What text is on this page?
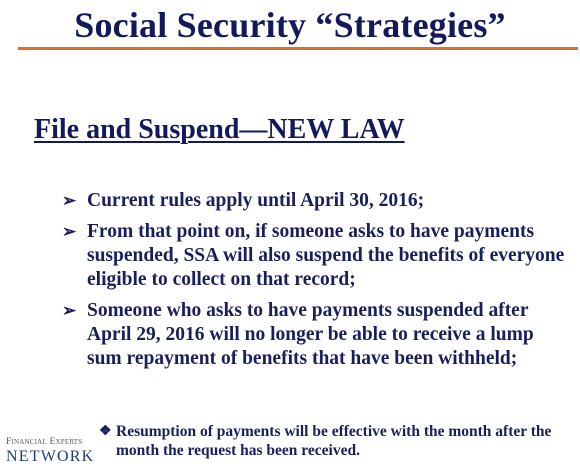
Social Security “Strategies”
File and Suspend—NEW LAW
➢ Current rules apply until April 30, 2016;
➢ From that point on, if someone asks to have payments suspended, SSA will also suspend the benefits of everyone eligible to collect on that record;
➢ Someone who asks to have payments suspended after April 29, 2016 will no longer be able to receive a lump sum repayment of benefits that have been withheld;
❖ Resumption of payments will be effective with the month after the month the request has been received.
Financial Experts
NETWORK
